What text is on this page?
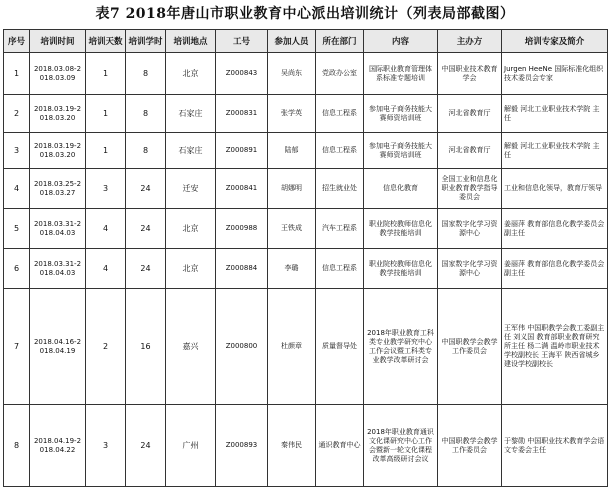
表7 2018年唐山市职业教育中心派出培训统计（列表局部截图）
序号	培训时间	培训天数	培训学时	培训地点	工号	参加人员	所在部门	内容	主办方	培训专家及简介
1	2018.03.08-2018.03.09	1	8	北京	Z000843	吴尚东	党政办公室	国际职业教育管理体系标准专题培训	中国职业技术教育学会	Jurgen HeeNe 国际标准化组织技术委员会专家
2	2018.03.19-2018.03.20	1	8	石家庄	Z000831	张学英	信息工程系	参加电子商务技能大赛师资培训班	河北省教育厅	解毅 河北工业职业技术学院 主任
3	2018.03.19-2018.03.20	1	8	石家庄	Z000891	陆郁	信息工程系	参加电子商务技能大赛师资培训班	河北省教育厅	解毅 河北工业职业技术学院 主任
4	2018.03.25-2018.03.27	3	24	迁安	Z000841	胡娜明	招生就业处	信息化教育	全国工业和信息化职业教育教学指导委员会	工业和信息化领导，教育厅领导
5	2018.03.31-2018.04.03	4	24	北京	Z000988	王铁成	汽车工程系	职业院校教师信息化教学技能培训	国家数字化学习资源中心	姜丽萍 教育部信息化教学委员会副主任
6	2018.03.31-2018.04.03	4	24	北京	Z000884	李璐	信息工程系	职业院校教师信息化教学技能培训	国家数字化学习资源中心	姜丽萍 教育部信息化教学委员会副主任
7	2018.04.16-2018.04.19	2	16	嘉兴	Z000800	杜颜章	质量督导处	2018年职业教育工科类专业教学研究中心工作会议暨工科类专业教学改革研讨会	中国职教学会教学工作委员会	王军伟 中国职教学会教工委副主任 刘义国 教育部职业教育研究所主任 杨二满 温岭市职业技术学校副校长 王海平 陕西省城乡建设学校副校长
8	2018.04.19-2018.04.22	3	24	广州	Z000893	秦伟民	通识教育中心	2018年职业教育通识文化课研究中心工作会暨新一轮文化课程改革高级研讨会议	中国职教学会教学工作委员会	于黎勋 中国职业技术教育学会语文专委会主任
